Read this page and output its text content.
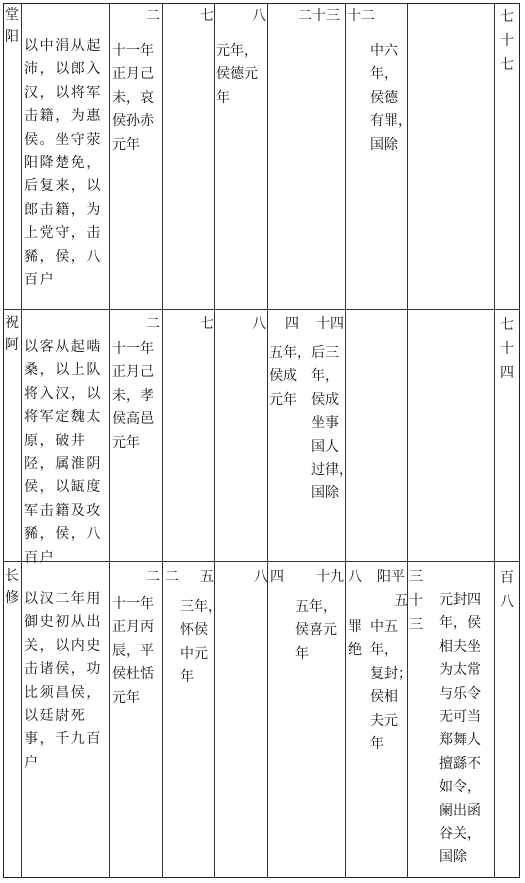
堂阳
以中涓从起沛，以郎入汉，以将军击籍，为惠侯。坐守荥阳降楚免，后复来，以郎击籍，为上党守，击豨，侯，八百户
二
十一年
正月己
未，哀
侯孙赤
元年
七	八
元年，
侯德元
年
二十三 十二
中六
年，
侯德
有罪，
国除
七十七
祝阿 以客从起啮桑，以上队将入汉，以将军定魏太原，破井陉，属淮阴侯，以缻度军击籍及攻豨，侯，八百户
二
十一年
正月己
未，孝
侯高邑
元年
七	八 四
五年，
侯成
元年
十四
后三
年，
侯成
坐事
国人
过律，
国除
七十四
长修 以汉二年用御史初从出关，以内史击诸侯，功比须昌侯，以廷尉死事，千九百户
二
十一年
正月丙
辰，平
侯杜恬
元年
二 五
三年，
怀侯
中元
年
八 四 十九
五年，
侯喜元
年
八
罪
绝
阳平
五
中五
年，
复封；
侯相
夫元
年
三
十
三
元封四
年，侯
相夫坐
为太常
与乐令
无可当
郑舞人
擅繇不
如令，
阑出函
谷关，
国除
百八
